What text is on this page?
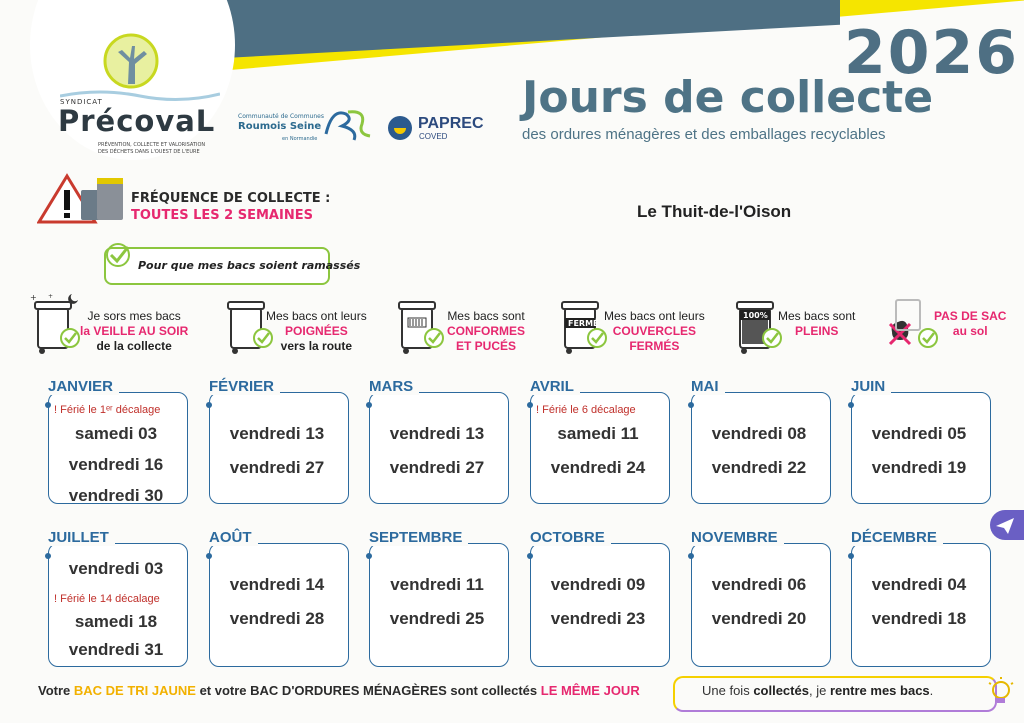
SYNDICAT
PrécovaL
PRÉVENTION, COLLECTE ET VALORISATION
DES DÉCHETS DANS L'OUEST DE L'EURE
Communauté de Communes
Roumois Seine
en Normandie
PAPREC
COVED
2026
Jours de collecte
des ordures ménagères et des emballages recyclables
FRÉQUENCE DE COLLECTE :
TOUTES LES 2 SEMAINES	Le Thuit-de-l'Oison
Pour que mes bacs soient ramassés
+ +
Je sors mes bacs
la VEILLE AU SOIR
de la collecte
Mes bacs ont leurs
POIGNÉES
vers la route
Mes bacs sont
CONFORMES
ET PUCÉS
FERMÉ
Mes bacs ont leurs
COUVERCLES
FERMÉS
100% Mes bacs sont
PLEINS
PAS DE SAC
au sol
JANVIER
! Férié le 1ᵉʳ décalage
samedi 03
vendredi 16
vendredi 30
FÉVRIER
vendredi 13
vendredi 27
MARS
vendredi 13
vendredi 27
AVRIL
! Férié le 6 décalage
samedi 11
vendredi 24
MAI
vendredi 08
vendredi 22
JUIN
vendredi 05
vendredi 19
JUILLET
vendredi 03
! Férié le 14 décalage
samedi 18
vendredi 31
AOÛT
vendredi 14
vendredi 28
SEPTEMBRE
vendredi 11
vendredi 25
OCTOBRE
vendredi 09
vendredi 23
NOVEMBRE
vendredi 06
vendredi 20
DÉCEMBRE
vendredi 04
vendredi 18
Votre BAC DE TRI JAUNE et votre BAC D'ORDURES MÉNAGÈRES sont collectés LE MÊME JOUR	Une fois collectés, je rentre mes bacs.
